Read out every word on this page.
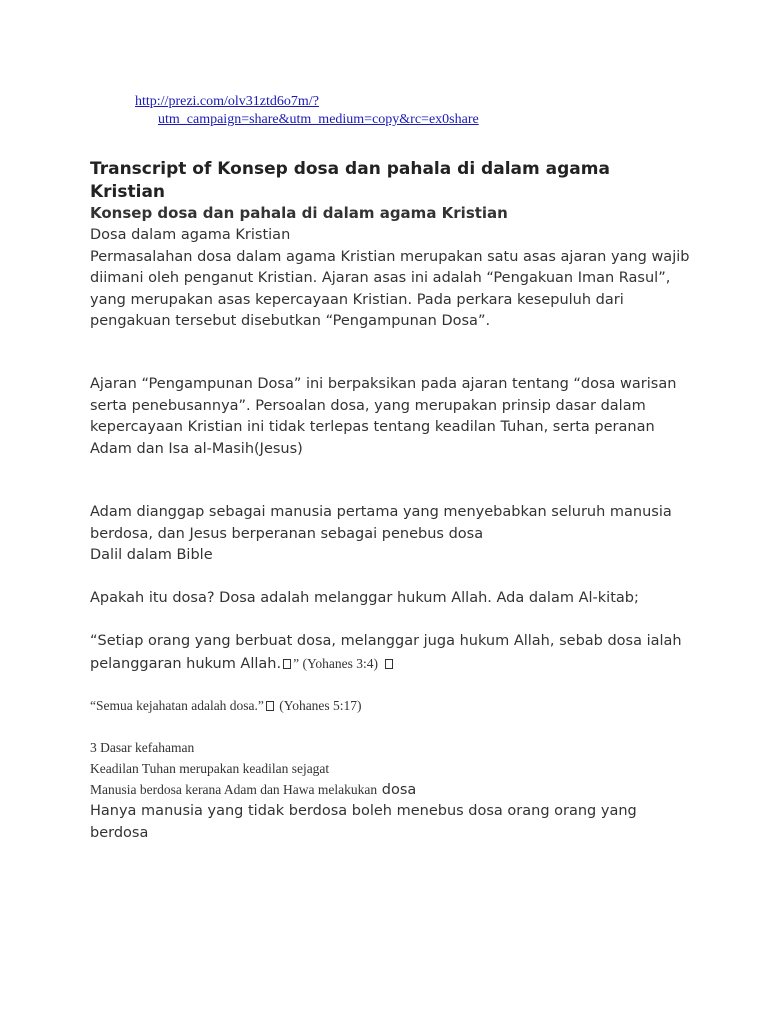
http://prezi.com/olv31ztd6o7m/?
utm_campaign=share&utm_medium=copy&rc=ex0share
Transcript of Konsep dosa dan pahala di dalam agama Kristian
Konsep dosa dan pahala di dalam agama Kristian
Dosa dalam agama Kristian
Permasalahan dosa dalam agama Kristian merupakan satu asas ajaran yang wajib diimani oleh penganut Kristian. Ajaran asas ini adalah “Pengakuan Iman Rasul”, yang merupakan asas kepercayaan Kristian. Pada perkara kesepuluh dari pengakuan tersebut disebutkan “Pengampunan Dosa”.
Ajaran “Pengampunan Dosa” ini berpaksikan pada ajaran tentang “dosa warisan serta penebusannya”. Persoalan dosa, yang merupakan prinsip dasar dalam kepercayaan Kristian ini tidak terlepas tentang keadilan Tuhan, serta peranan Adam dan Isa al-Masih(Jesus)
Adam dianggap sebagai manusia pertama yang menyebabkan seluruh manusia berdosa, dan Jesus berperanan sebagai penebus dosa
Dalil dalam Bible
Apakah itu dosa? Dosa adalah melanggar hukum Allah. Ada dalam Al-kitab;
“Setiap orang yang berbuat dosa, melanggar juga hukum Allah, sebab dosa ialah pelanggaran hukum Allah. ” (Yohanes 3:4)
“Semua kejahatan adalah dosa.” (Yohanes 5:17)
3 Dasar kefahaman
Keadilan Tuhan merupakan keadilan sejagat
Manusia berdosa kerana Adam dan Hawa melakukan dosa
Hanya manusia yang tidak berdosa boleh menebus dosa orang orang yang berdosa
